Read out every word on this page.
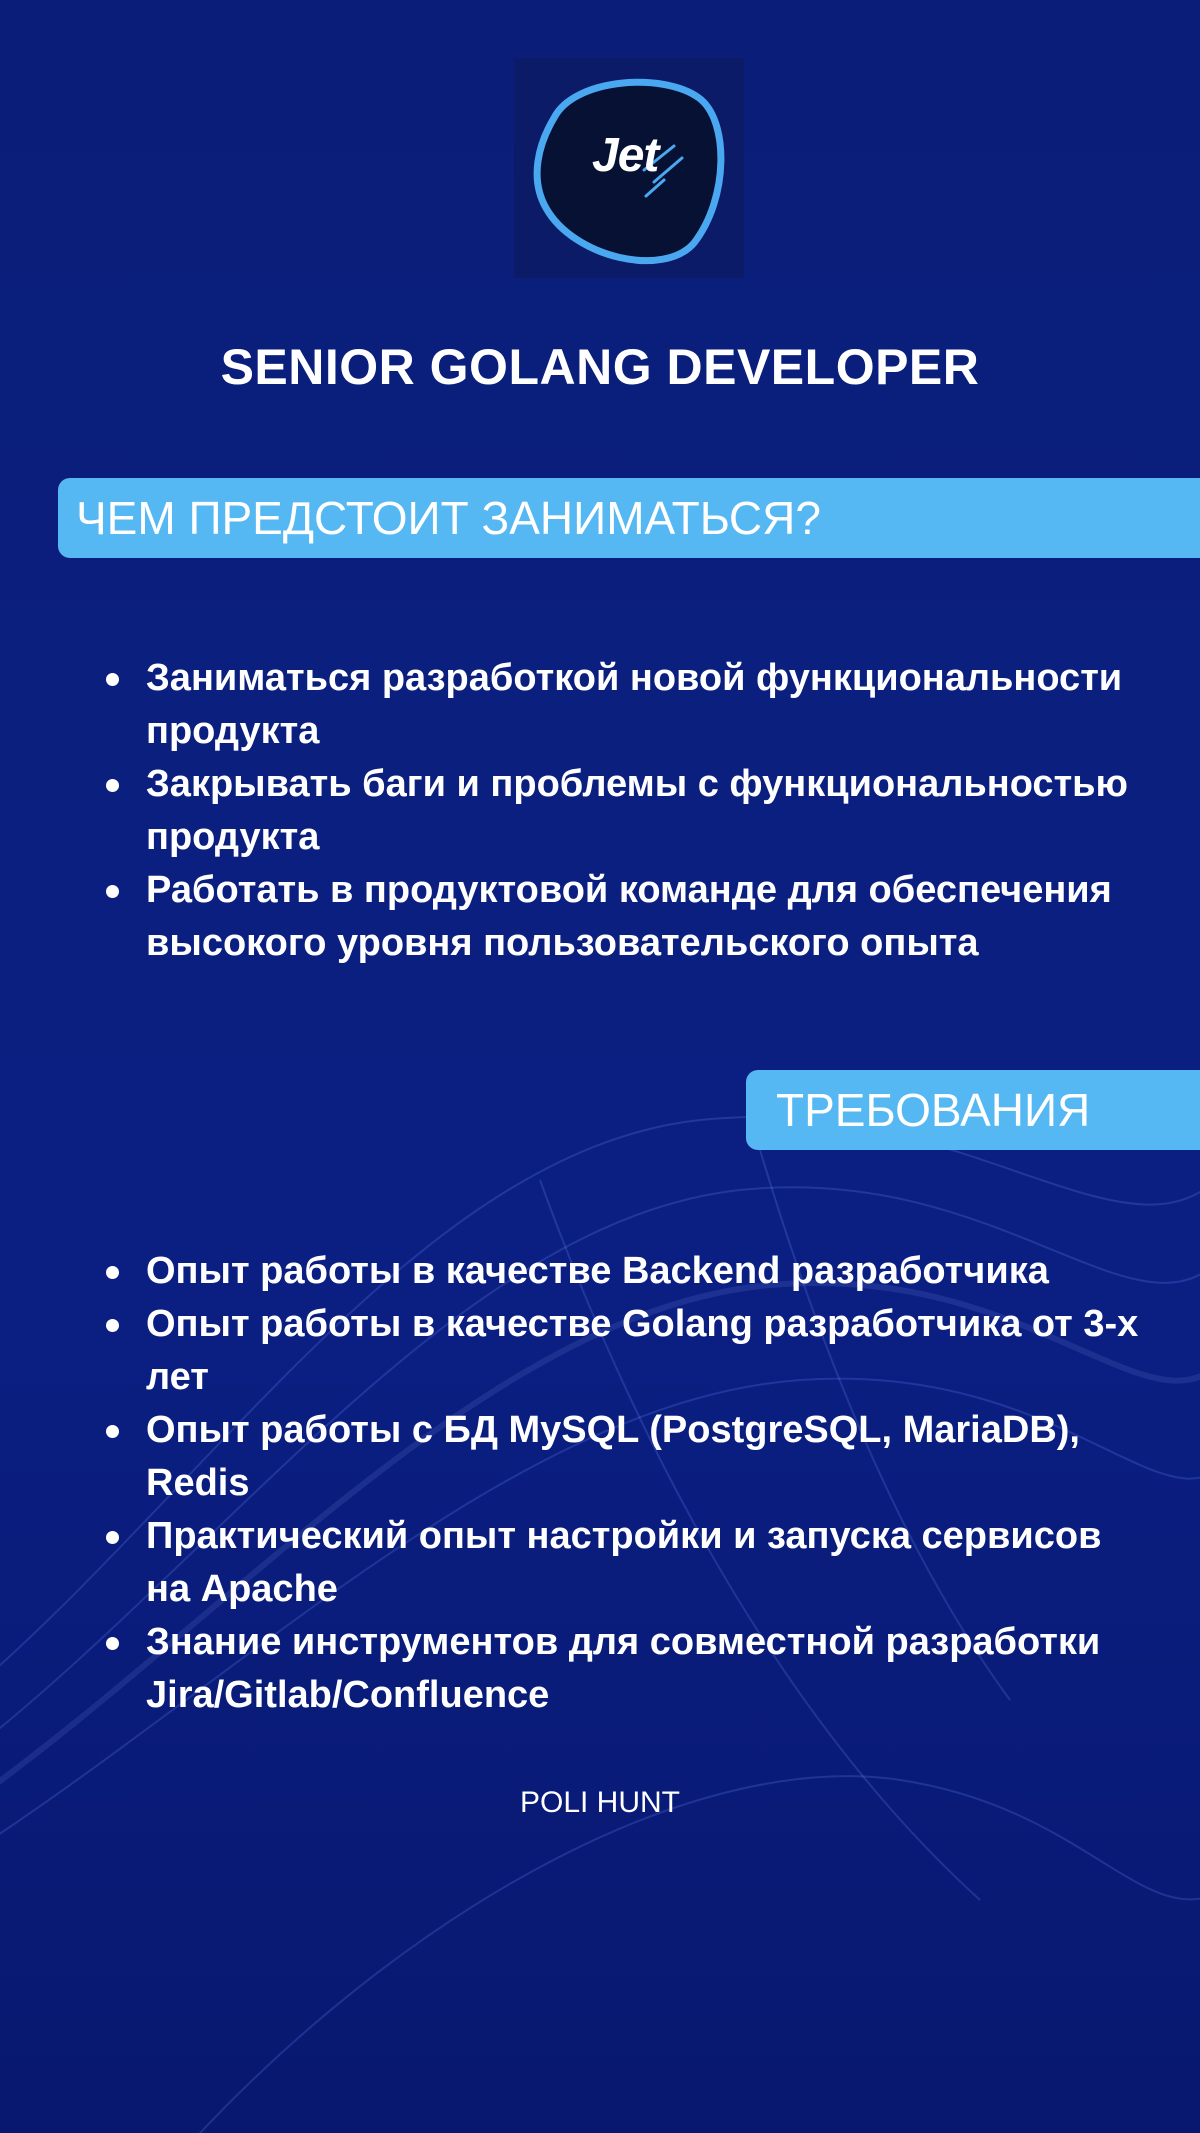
Jet
SENIOR GOLANG DEVELOPER
ЧЕМ ПРЕДСТОИТ ЗАНИМАТЬСЯ?
Заниматься разработкой новой функциональности продукта
Закрывать баги и проблемы с функциональностью продукта
Работать в продуктовой команде для обеспечения высокого уровня пользовательского опыта
ТРЕБОВАНИЯ
Опыт работы в качестве Backend разработчика
Опыт работы в качестве Golang разработчика от 3-х лет
Опыт работы с БД MySQL (PostgreSQL, MariaDB), Redis
Практический опыт настройки и запуска сервисов на Apache
Знание инструментов для совместной разработки Jira/Gitlab/Confluence
POLI HUNT
